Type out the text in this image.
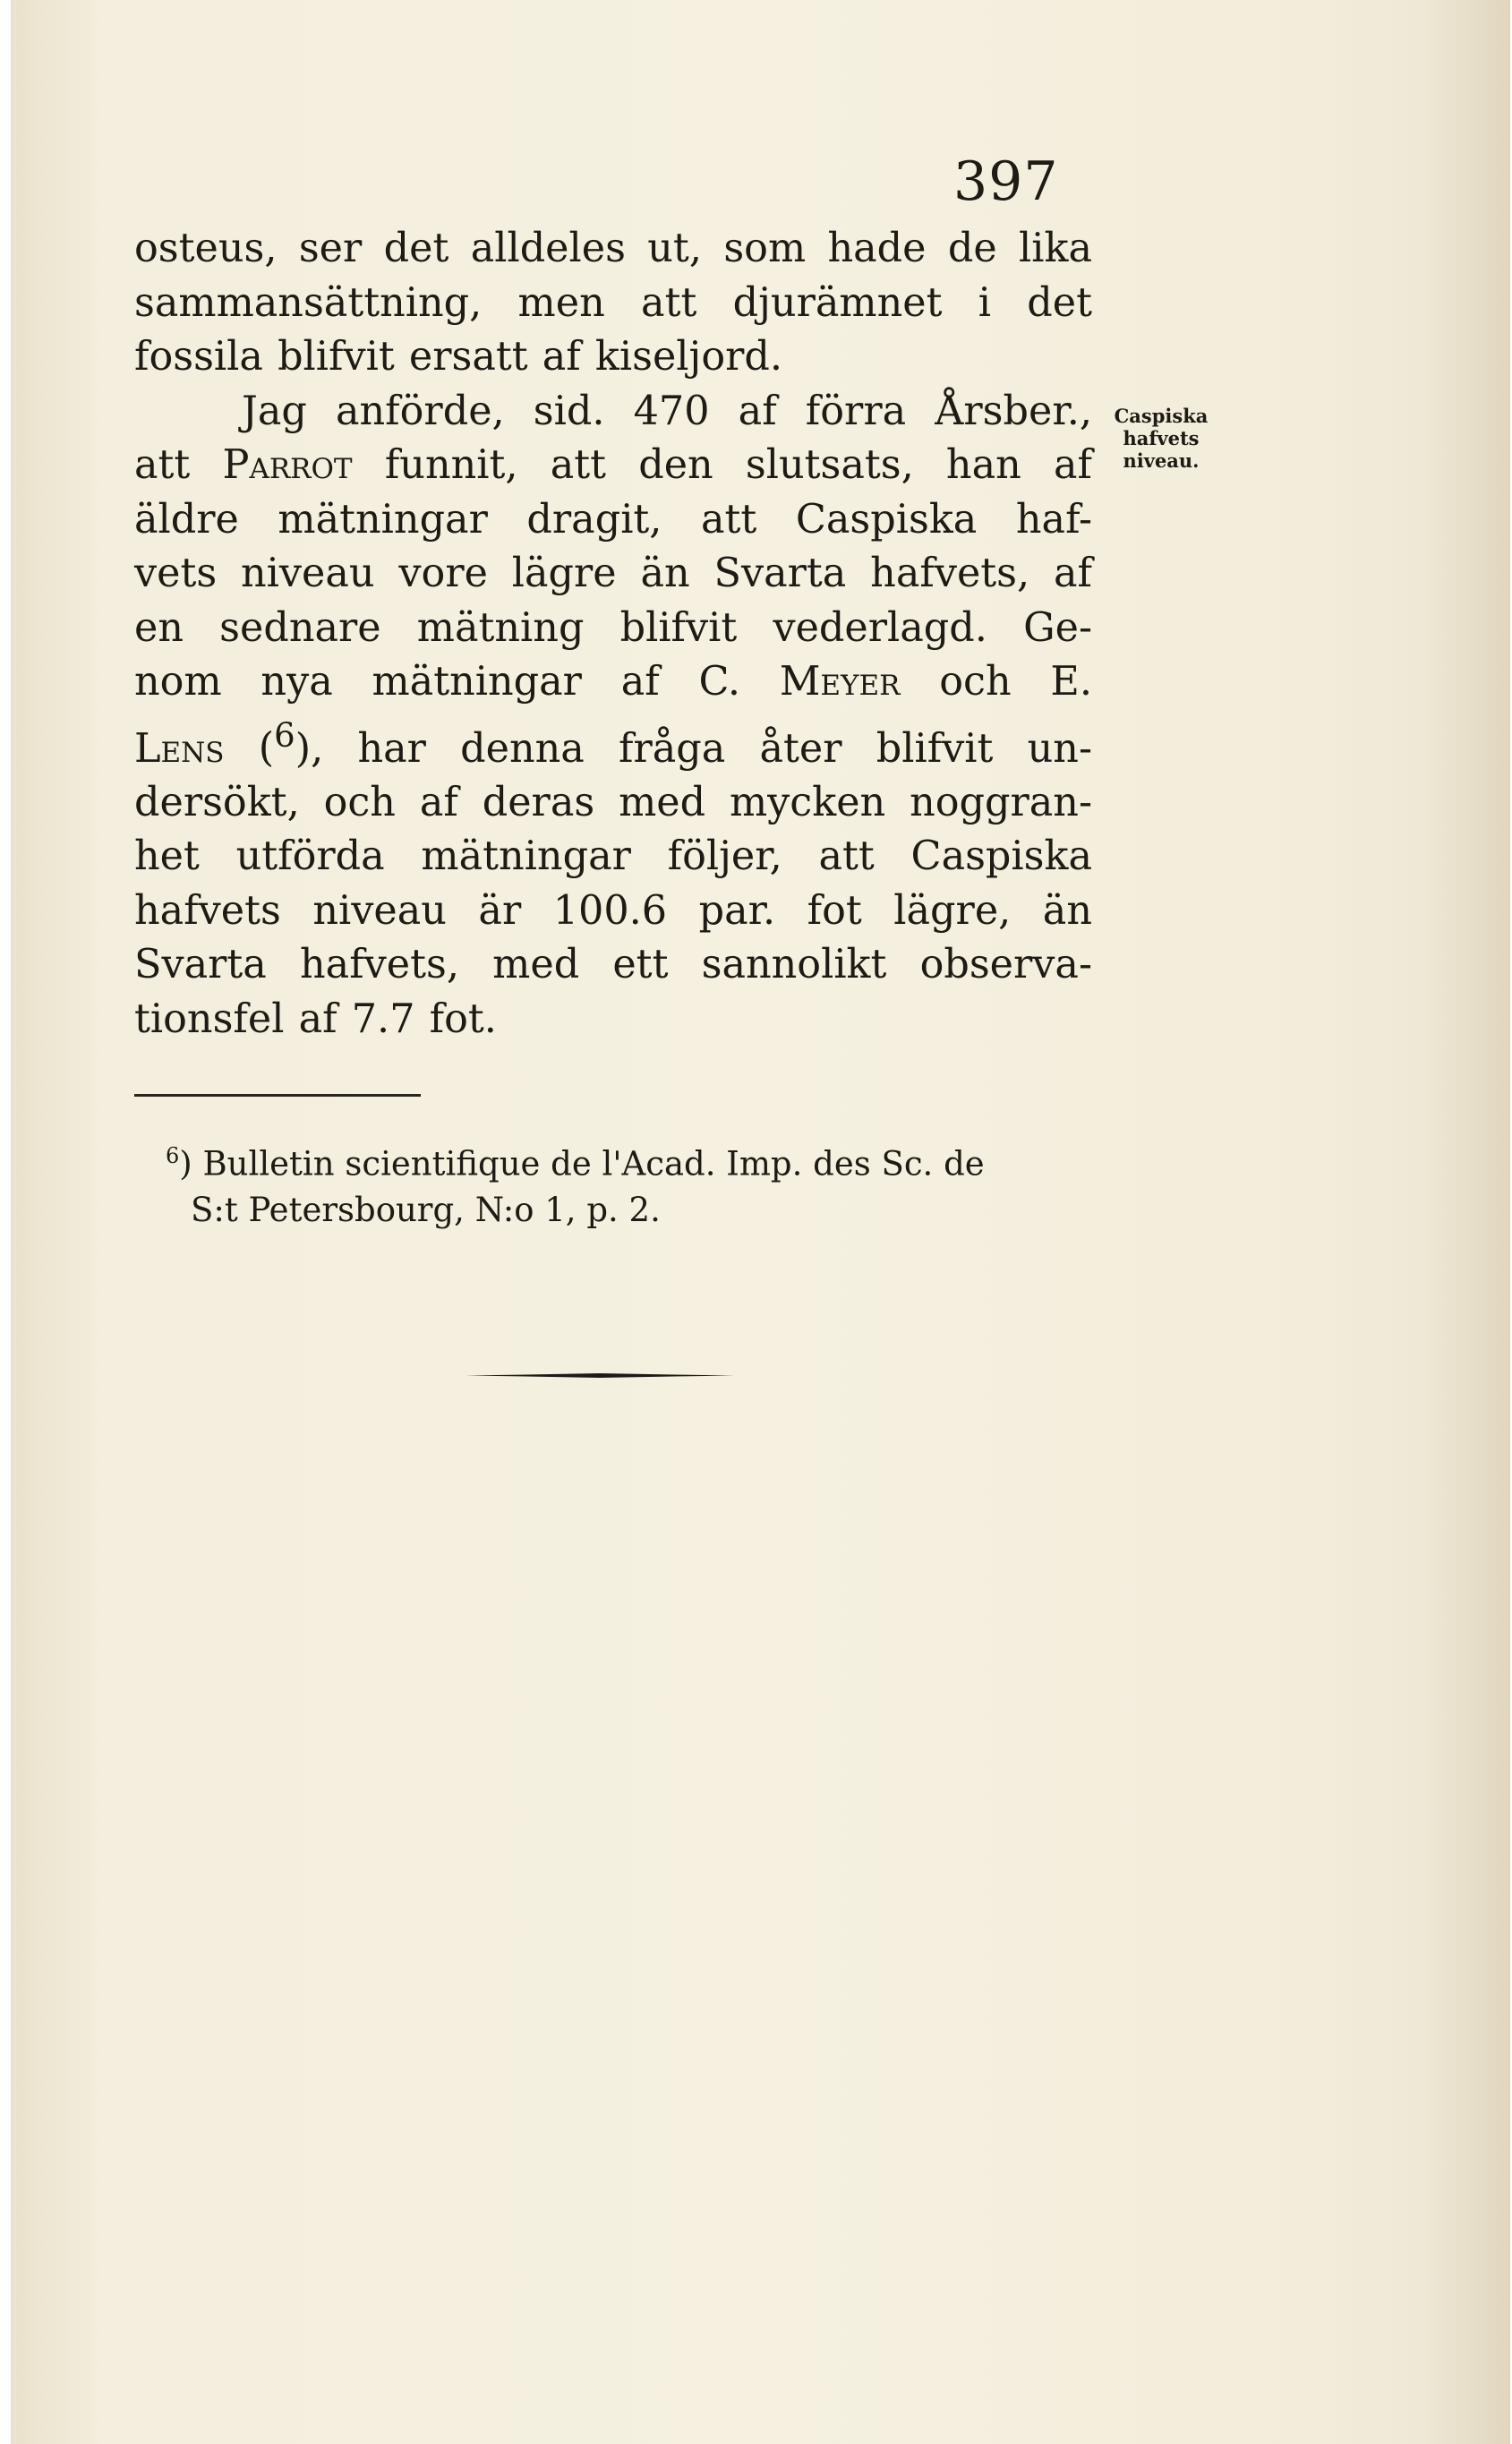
397
osteus, ser det alldeles ut, som hade de lika
sammansättning, men att djurämnet i det
fossila blifvit ersatt af kiseljord.
Jag anförde, sid. 470 af förra Årsber.,
att Parrot funnit, att den slutsats, han af
äldre mätningar dragit, att Caspiska haf-
vets niveau vore lägre än Svarta hafvets, af
en sednare mätning blifvit vederlagd. Ge-
nom nya mätningar af C. Meyer och E.
Lens ($^6$), har denna fråga åter blifvit un-
dersökt, och af deras med mycken noggran-
het utförda mätningar följer, att Caspiska
hafvets niveau är 100.6 par. fot lägre, än
Svarta hafvets, med ett sannolikt observa-
tionsfel af 7.7 fot.
Caspiska
hafvets
niveau.
$^6$) Bulletin scientifique de l'Acad. Imp. des Sc. de
S:t Petersbourg, N:o 1, p. 2.
